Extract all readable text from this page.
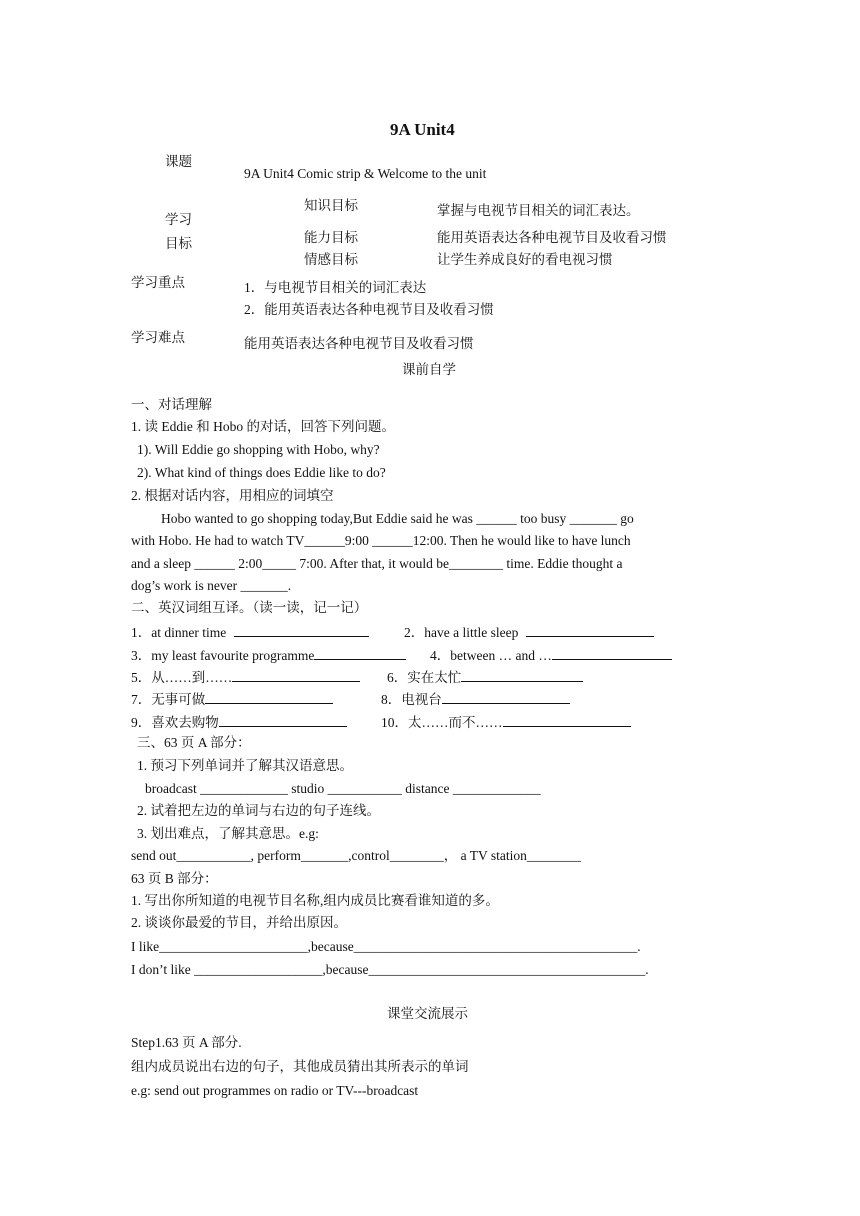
9A Unit4
课题
9A Unit4 Comic strip & Welcome to the unit
学习
目标
知识目标	掌握与电视节目相关的词汇表达。
能力目标	能用英语表达各种电视节目及收看习惯
情感目标	让学生养成良好的看电视习惯
学习重点	1．与电视节目相关的词汇表达
2．能用英语表达各种电视节目及收看习惯
学习难点	能用英语表达各种电视节目及收看习惯
课前自学
一、对话理解
1. 读 Eddie 和 Hobo 的对话，回答下列问题。
1). Will Eddie go shopping with Hobo, why?
2). What kind of things does Eddie like to do?
2. 根据对话内容，用相应的词填空
Hobo wanted to go shopping today,But Eddie said he was ______ too busy _______ go
with Hobo. He had to watch TV______9:00 ______12:00. Then he would like to have lunch
and a sleep ______ 2:00_____ 7:00. After that, it would be________ time. Eddie thought a
dog’s work is never _______.
二、英汉词组互译。（读一读，记一记）
1．at dinner time	2．have a little sleep
3．my least favourite programme	4．between … and …
5．从……到……	6．实在太忙
7．无事可做	8．电视台
9．喜欢去购物	10．太……而不……
三、63 页 A 部分：
1. 预习下列单词并了解其汉语意思。
broadcast _____________ studio ___________ distance _____________
2. 试着把左边的单词与右边的句子连线。
3. 划出难点，了解其意思。e.g:
send out___________, perform_______,control________， a TV station________
63 页 B 部分：
1. 写出你所知道的电视节目名称,组内成员比赛看谁知道的多。
2. 谈谈你最爱的节目，并给出原因。
I like______________________,because__________________________________________.
I don’t like ___________________,because_________________________________________.
课堂交流展示
Step1.63 页 A 部分.
组内成员说出右边的句子，其他成员猜出其所表示的单词
e.g: send out programmes on radio or TV---broadcast
